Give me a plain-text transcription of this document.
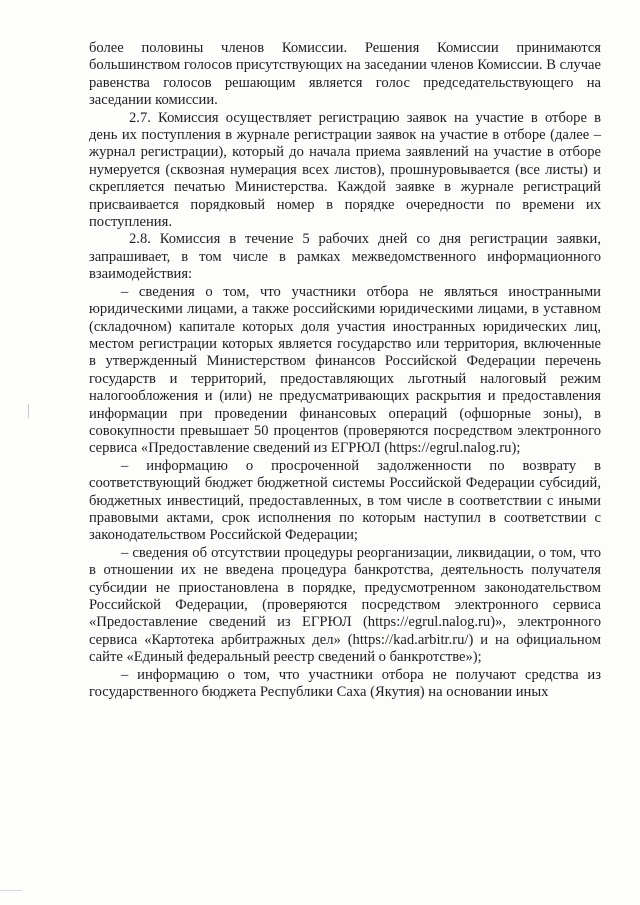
более половины членов Комиссии. Решения Комиссии принимаются большинством голосов присутствующих на заседании членов Комиссии. В случае равенства голосов решающим является голос председательствующего на заседании комиссии.

2.7. Комиссия осуществляет регистрацию заявок на участие в отборе в день их поступления в журнале регистрации заявок на участие в отборе (далее – журнал регистрации), который до начала приема заявлений на участие в отборе нумеруется (сквозная нумерация всех листов), прошнуровывается (все листы) и скрепляется печатью Министерства. Каждой заявке в журнале регистраций присваивается порядковый номер в порядке очередности по времени их поступления.

2.8. Комиссия в течение 5 рабочих дней со дня регистрации заявки, запрашивает, в том числе в рамках межведомственного информационного взаимодействия:

– сведения о том, что участники отбора не являться иностранными юридическими лицами, а также российскими юридическими лицами, в уставном (складочном) капитале которых доля участия иностранных юридических лиц, местом регистрации которых является государство или территория, включенные в утвержденный Министерством финансов Российской Федерации перечень государств и территорий, предоставляющих льготный налоговый режим налогообложения и (или) не предусматривающих раскрытия и предоставления информации при проведении финансовых операций (офшорные зоны), в совокупности превышает 50 процентов (проверяются посредством электронного сервиса «Предоставление сведений из ЕГРЮЛ (https://egrul.nalog.ru);

– информацию о просроченной задолженности по возврату в соответствующий бюджет бюджетной системы Российской Федерации субсидий, бюджетных инвестиций, предоставленных, в том числе в соответствии с иными правовыми актами, срок исполнения по которым наступил в соответствии с законодательством Российской Федерации;

– сведения об отсутствии процедуры реорганизации, ликвидации, о том, что в отношении их не введена процедура банкротства, деятельность получателя субсидии не приостановлена в порядке, предусмотренном законодательством Российской Федерации, (проверяются посредством электронного сервиса «Предоставление сведений из ЕГРЮЛ (https://egrul.nalog.ru)», электронного сервиса «Картотека арбитражных дел» (https://kad.arbitr.ru/) и на официальном сайте «Единый федеральный реестр сведений о банкротстве»);

– информацию о том, что участники отбора не получают средства из государственного бюджета Республики Саха (Якутия) на основании иных
